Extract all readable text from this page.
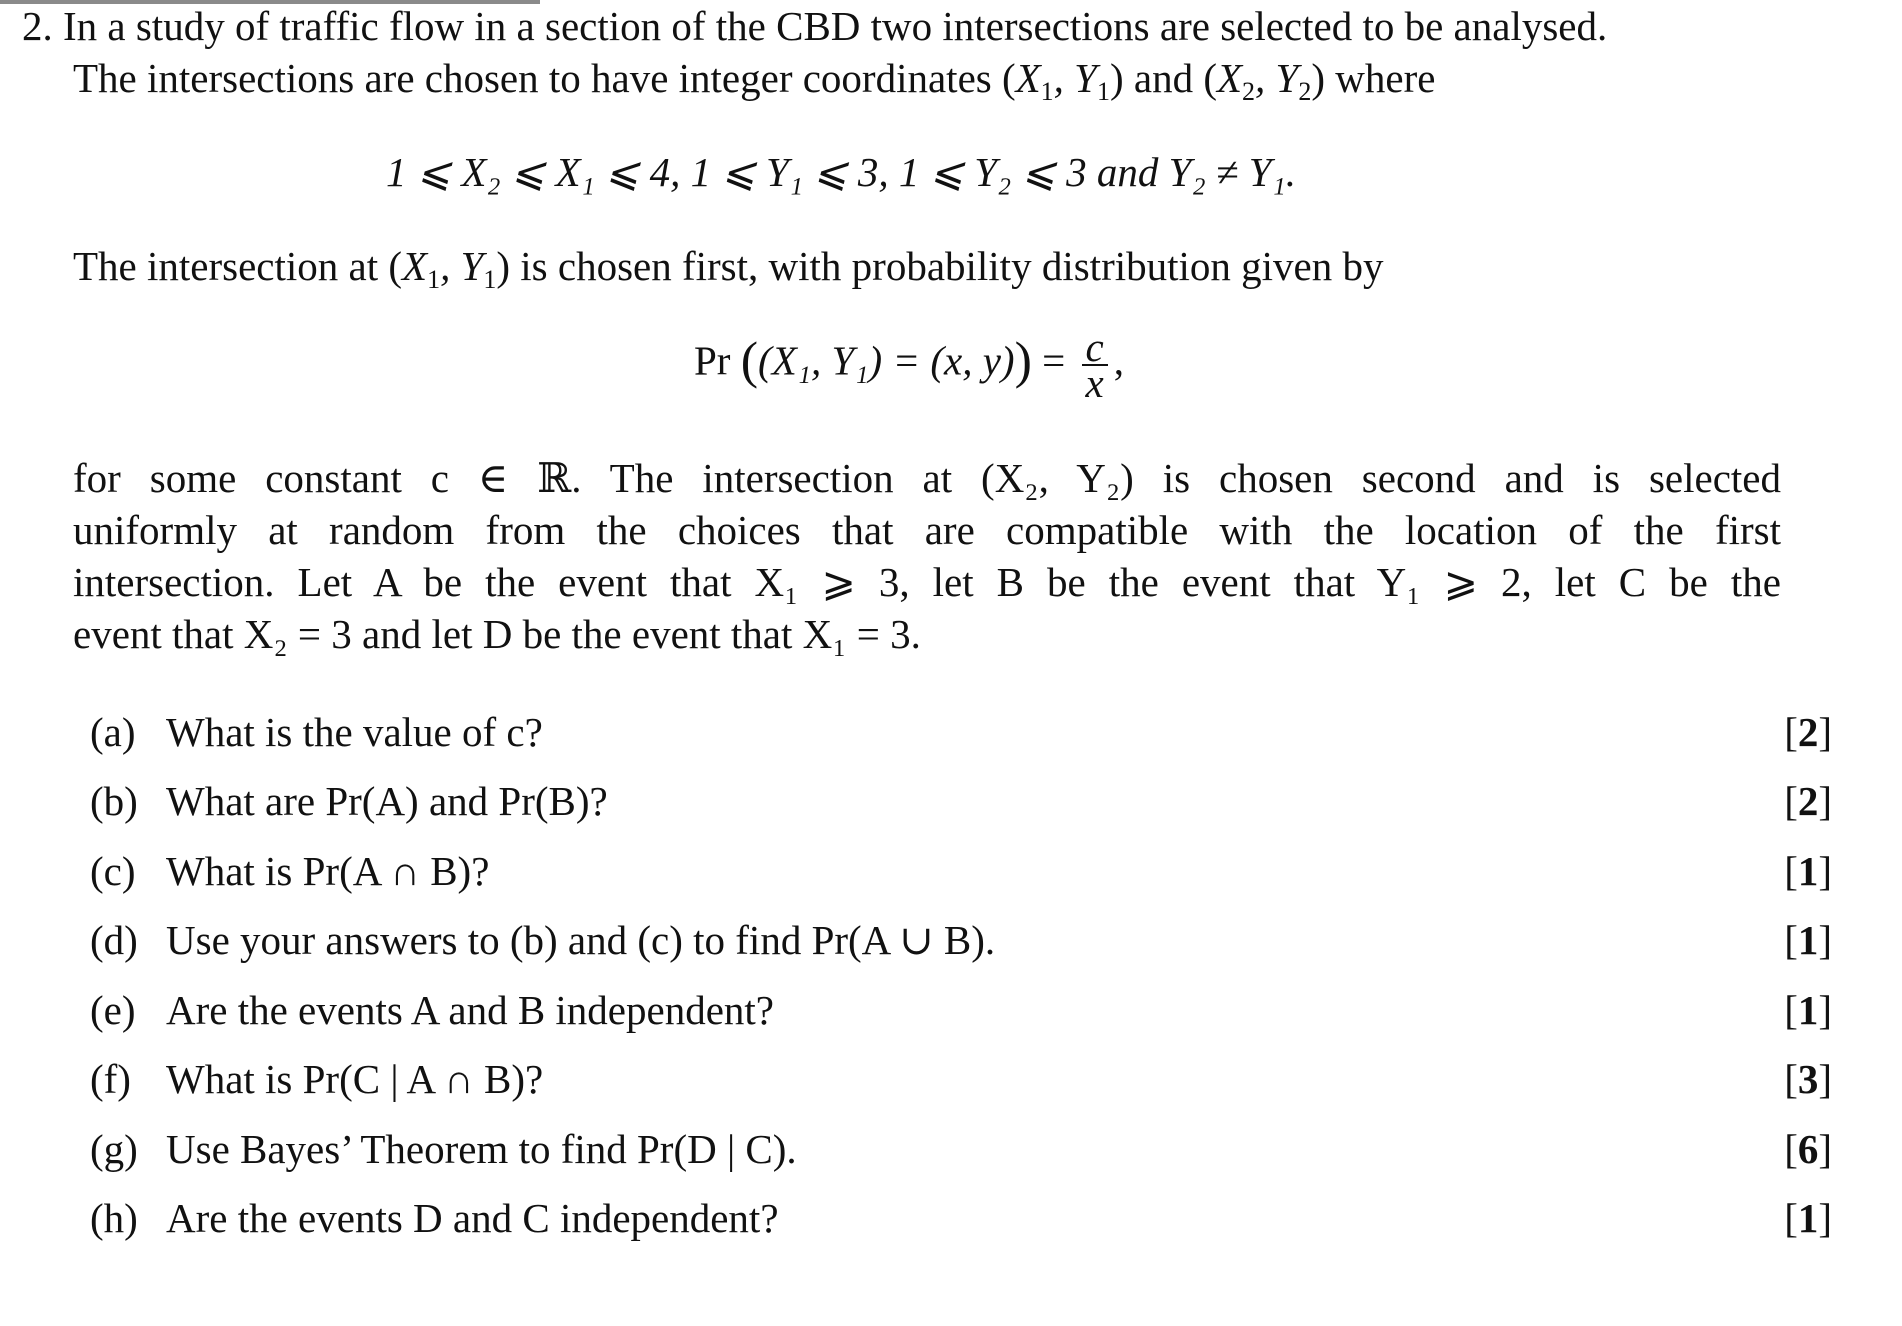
2. In a study of traffic flow in a section of the CBD two intersections are selected to be analysed.
The intersections are chosen to have integer coordinates ($X_1$, $Y_1$) and ($X_2$, $Y_2$) where
1 ⩽ X₂ ⩽ X₁ ⩽ 4, 1 ⩽ Y₁ ⩽ 3, 1 ⩽ Y₂ ⩽ 3 and Y₂ ≠ Y₁.
The intersection at ($X_1$, $Y_1$) is chosen first, with probability distribution given by
Pr ((X₁, Y₁) = (x, $y)) = \frac{c}{x}$ ,
for some constant c ∈ ℝ. The intersection at (X₂, Y₂) is chosen second and is selected
uniformly at random from the choices that are compatible with the location of the first
intersection. Let A be the event that X₁ ⩾ 3, let B be the event that Y₁ ⩾ 2, let C be the
event that X₂ = 3 and let D be the event that X₁ = 3.
(a) What is the value of c?	[2]
(b) What are Pr(A) and Pr(B)?	[2]
(c) What is Pr(A ∩ B)?	[1]
(d) Use your answers to (b) and (c) to find Pr(A ∪ B).	[1]
(e) Are the events A and B independent?	[1]
(f) What is Pr(C | A ∩ B)?	[3]
(g) Use Bayes’ Theorem to find Pr(D | C).	[6]
(h) Are the events D and C independent?	[1]
